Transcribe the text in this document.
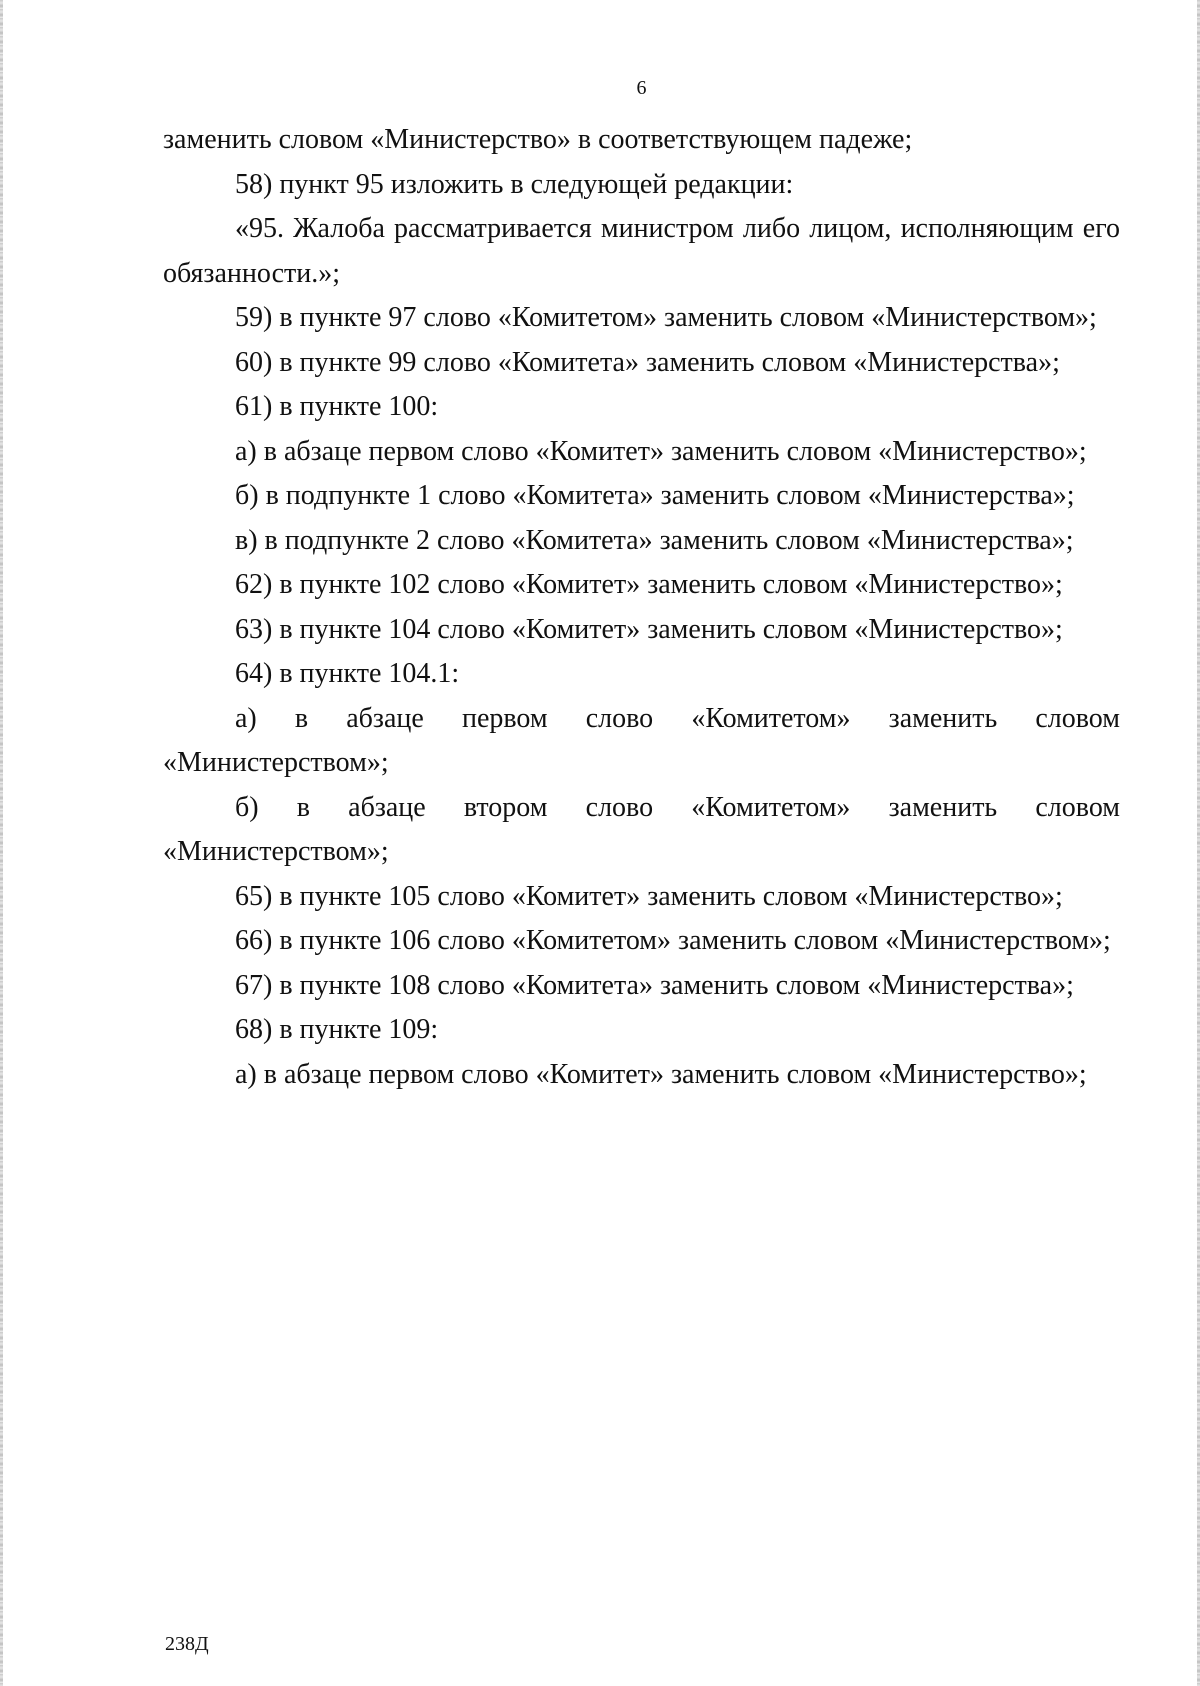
6

заменить словом «Министерство» в соответствующем падеже;

58) пункт 95 изложить в следующей редакции:

«95. Жалоба рассматривается министром либо лицом, исполняющим его обязанности.»;

59) в пункте 97 слово «Комитетом» заменить словом «Министерством»;

60) в пункте 99 слово «Комитета» заменить словом «Министерства»;

61) в пункте 100:

а) в абзаце первом слово «Комитет» заменить словом «Министерство»;

б) в подпункте 1 слово «Комитета» заменить словом «Министерства»;

в) в подпункте 2 слово «Комитета» заменить словом «Министерства»;

62) в пункте 102 слово «Комитет» заменить словом «Министерство»;

63) в пункте 104 слово «Комитет» заменить словом «Министерство»;

64) в пункте 104.1:

а) в абзаце первом слово «Комитетом» заменить словом «Министерством»;

б) в абзаце втором слово «Комитетом» заменить словом «Министерством»;

65) в пункте 105 слово «Комитет» заменить словом «Министерство»;

66) в пункте 106 слово «Комитетом» заменить словом «Министерством»;

67) в пункте 108 слово «Комитета» заменить словом «Министерства»;

68) в пункте 109:

а) в абзаце первом слово «Комитет» заменить словом «Министерство»;

238Д
